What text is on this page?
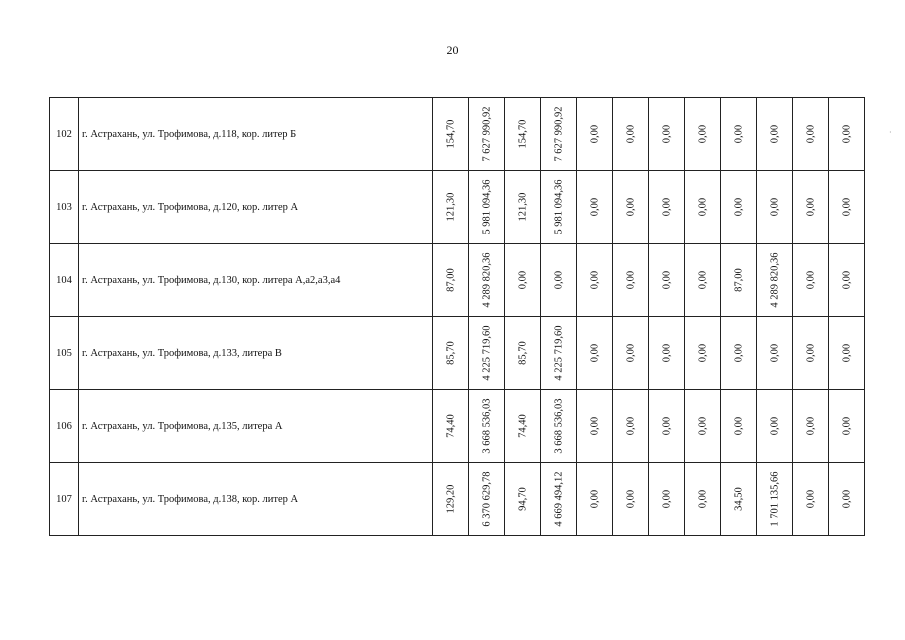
20
102	г. Астрахань, ул. Трофимова, д.118, кор. литер Б	154,70	7 627 990,92	154,70	7 627 990,92	0,00	0,00	0,00	0,00	0,00	0,00	0,00	0,00

103	г. Астрахань, ул. Трофимова, д.120, кор. литер А	121,30	5 981 094,36	121,30	5 981 094,36	0,00	0,00	0,00	0,00	0,00	0,00	0,00	0,00

104	г. Астрахань, ул. Трофимова, д.130, кор. литера А,а2,а3,а4	87,00	4 289 820,36	0,00	0,00	0,00	0,00	0,00	0,00	87,00	4 289 820,36	0,00	0,00

105	г. Астрахань, ул. Трофимова, д.133, литера В	85,70	4 225 719,60	85,70	4 225 719,60	0,00	0,00	0,00	0,00	0,00	0,00	0,00	0,00

106	г. Астрахань, ул. Трофимова, д.135, литера А	74,40	3 668 536,03	74,40	3 668 536,03	0,00	0,00	0,00	0,00	0,00	0,00	0,00	0,00

107	г. Астрахань, ул. Трофимова, д.138, кор. литер А	129,20	6 370 629,78	94,70	4 669 494,12	0,00	0,00	0,00	0,00	34,50	1 701 135,66	0,00	0,00
·
